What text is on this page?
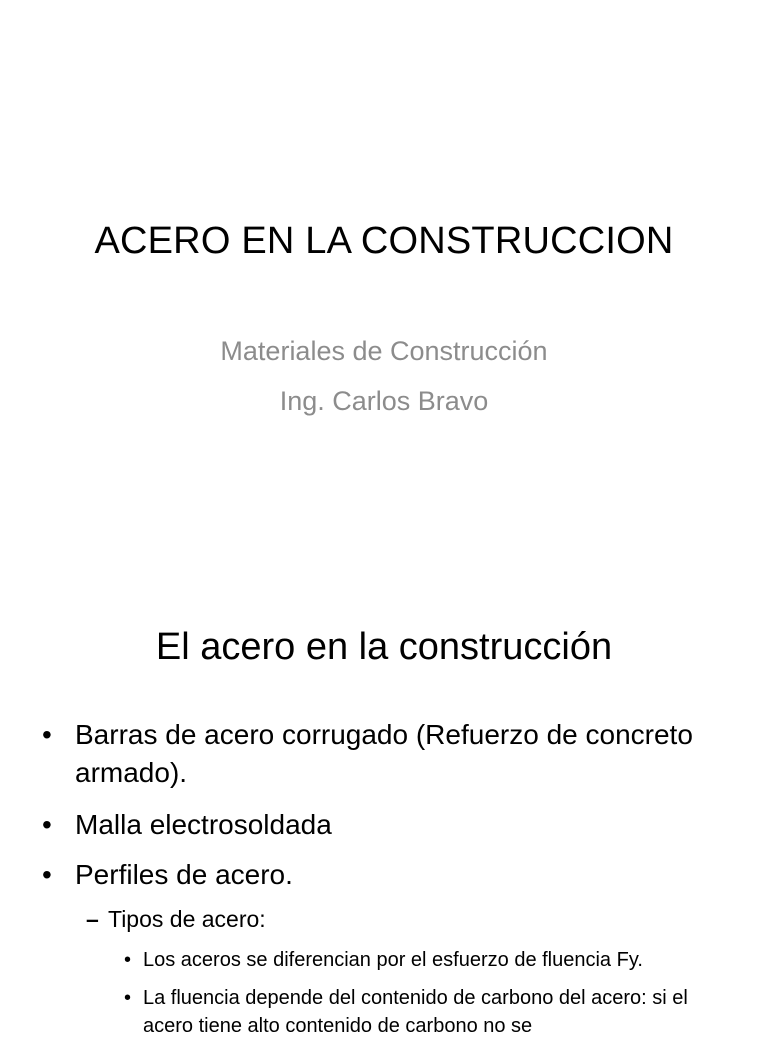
ACERO EN LA CONSTRUCCION
Materiales de Construcción
Ing. Carlos Bravo
El acero en la construcción
• Barras de acero corrugado (Refuerzo de concreto armado).
• Malla electrosoldada
• Perfiles de acero.
– Tipos de acero:
• Los aceros se diferencian por el esfuerzo de fluencia Fy.
• La fluencia depende del contenido de carbono del acero: si el acero tiene alto contenido de carbono no se
